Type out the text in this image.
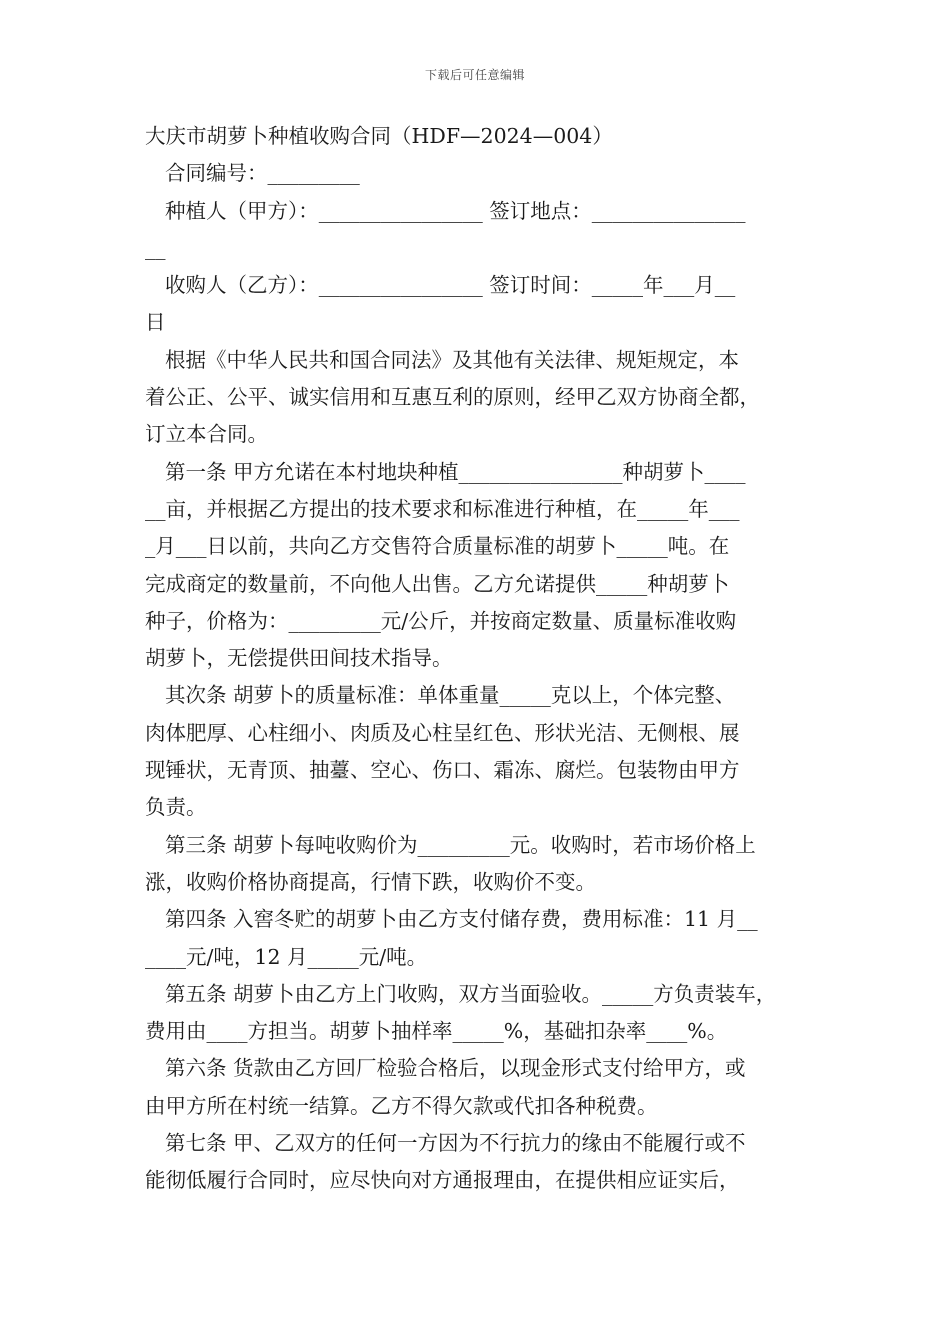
下载后可任意编辑
大庆市胡萝卜种植收购合同（HDF—2024—004）
合同编号：_________
种植人（甲方）：________________ 签订地点：_______________
__
收购人（乙方）：________________ 签订时间：_____年___月__
日
根据《中华人民共和国合同法》及其他有关法律、规矩规定，本
着公正、公平、诚实信用和互惠互利的原则，经甲乙双方协商全都，
订立本合同。
第一条 甲方允诺在本村地块种植________________种胡萝卜____
__亩，并根据乙方提出的技术要求和标准进行种植，在_____年___
_月___日以前，共向乙方交售符合质量标准的胡萝卜_____吨。在
完成商定的数量前，不向他人出售。乙方允诺提供_____种胡萝卜
种子，价格为：_________元/公斤，并按商定数量、质量标准收购
胡萝卜，无偿提供田间技术指导。
其次条 胡萝卜的质量标准：单体重量_____克以上，个体完整、
肉体肥厚、心柱细小、肉质及心柱呈红色、形状光洁、无侧根、展
现锤状，无青顶、抽薹、空心、伤口、霜冻、腐烂。包装物由甲方
负责。
第三条 胡萝卜每吨收购价为_________元。收购时，若市场价格上
涨，收购价格协商提高，行情下跌，收购价不变。
第四条 入窖冬贮的胡萝卜由乙方支付储存费，费用标准：11 月__
____元/吨，12 月_____元/吨。
第五条 胡萝卜由乙方上门收购，双方当面验收。_____方负责装车，
费用由____方担当。胡萝卜抽样率_____%，基础扣杂率____%。
第六条 货款由乙方回厂检验合格后，以现金形式支付给甲方，或
由甲方所在村统一结算。乙方不得欠款或代扣各种税费。
第七条 甲、乙双方的任何一方因为不行抗力的缘由不能履行或不
能彻低履行合同时，应尽快向对方通报理由，在提供相应证实后，
